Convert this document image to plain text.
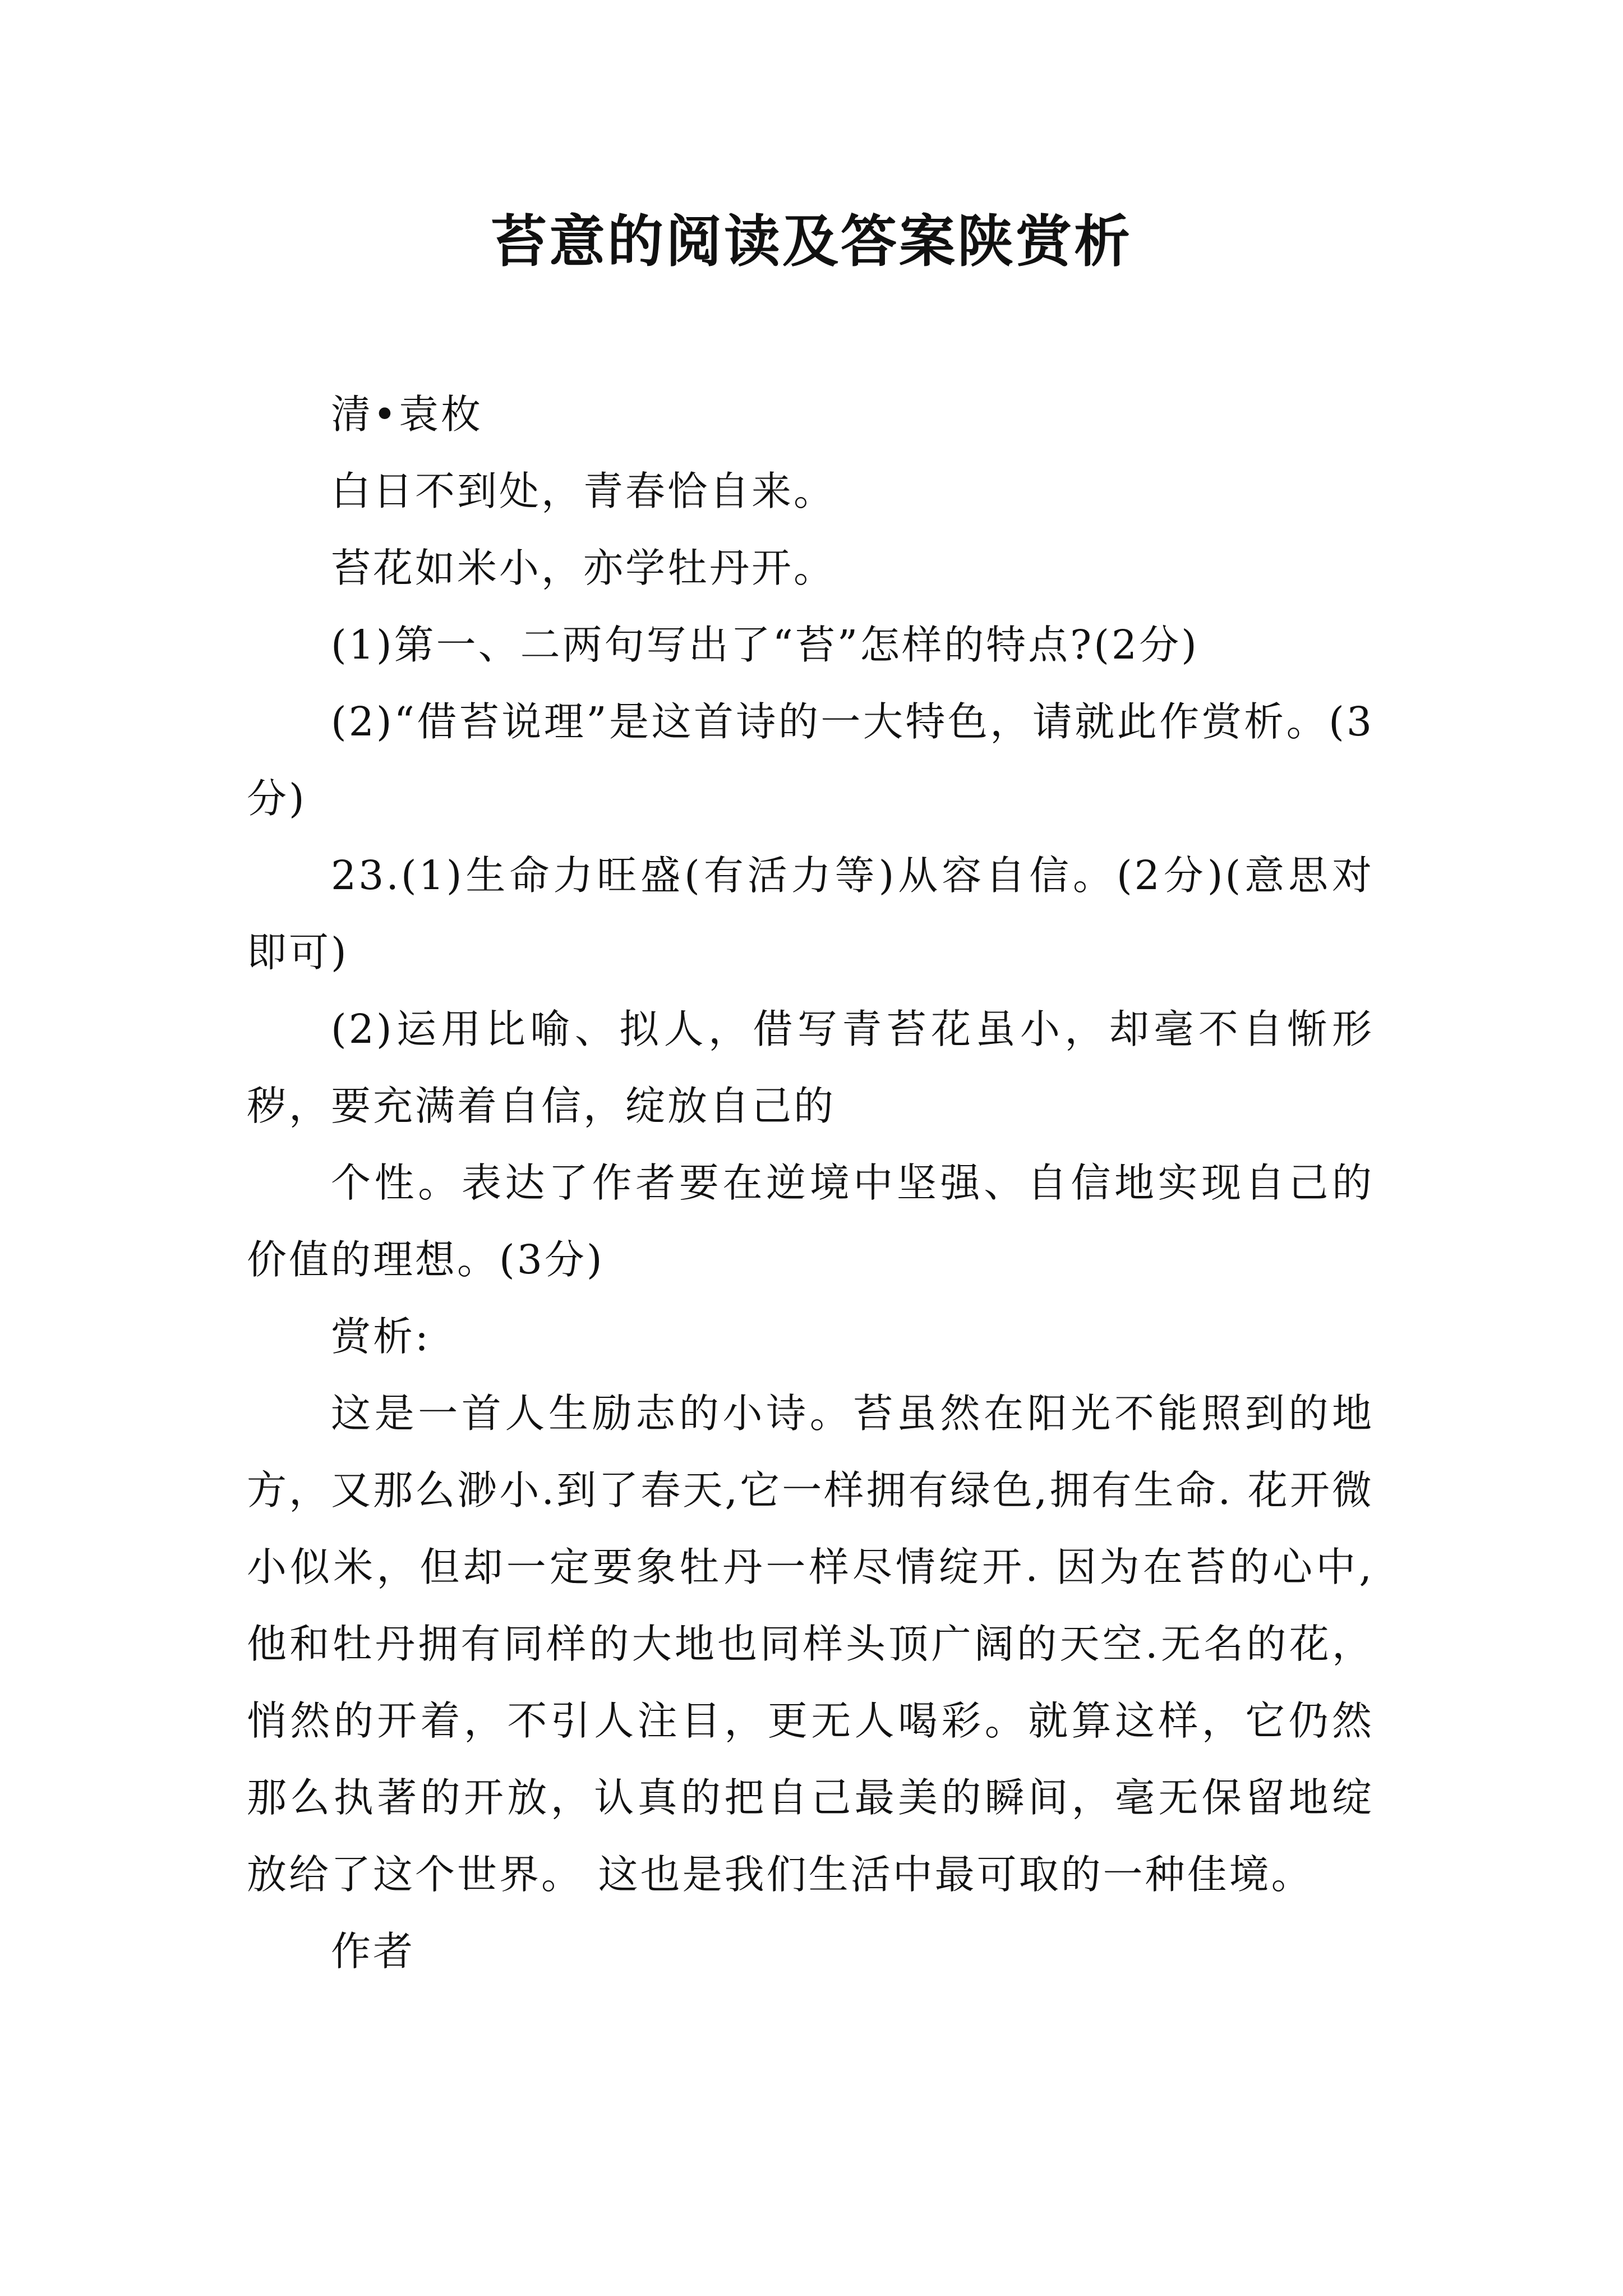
苔意的阅读及答案陕赏析

清•袁枚

白日不到处，青春恰自来。

苔花如米小，亦学牡丹开。

(1)第一、二两句写出了“苔”怎样的特点?(2分)

(2)“借苔说理”是这首诗的一大特色，请就此作赏析。(3分)

23.(1)生命力旺盛(有活力等)从容自信。(2分)(意思对即可)

(2)运用比喻、拟人，借写青苔花虽小，却毫不自惭形秽，要充满着自信，绽放自己的

个性。表达了作者要在逆境中坚强、自信地实现自己的价值的理想。(3分)

赏析:

这是一首人生励志的小诗。苔虽然在阳光不能照到的地方，又那么渺小.到了春天,它一样拥有绿色,拥有生命. 花开微小似米，但却一定要象牡丹一样尽情绽开. 因为在苔的心中,他和牡丹拥有同样的大地也同样头顶广阔的天空.无名的花，悄然的开着，不引人注目，更无人喝彩。就算这样，它仍然那么执著的开放，认真的把自己最美的瞬间，毫无保留地绽放给了这个世界。 这也是我们生活中最可取的一种佳境。

作者
